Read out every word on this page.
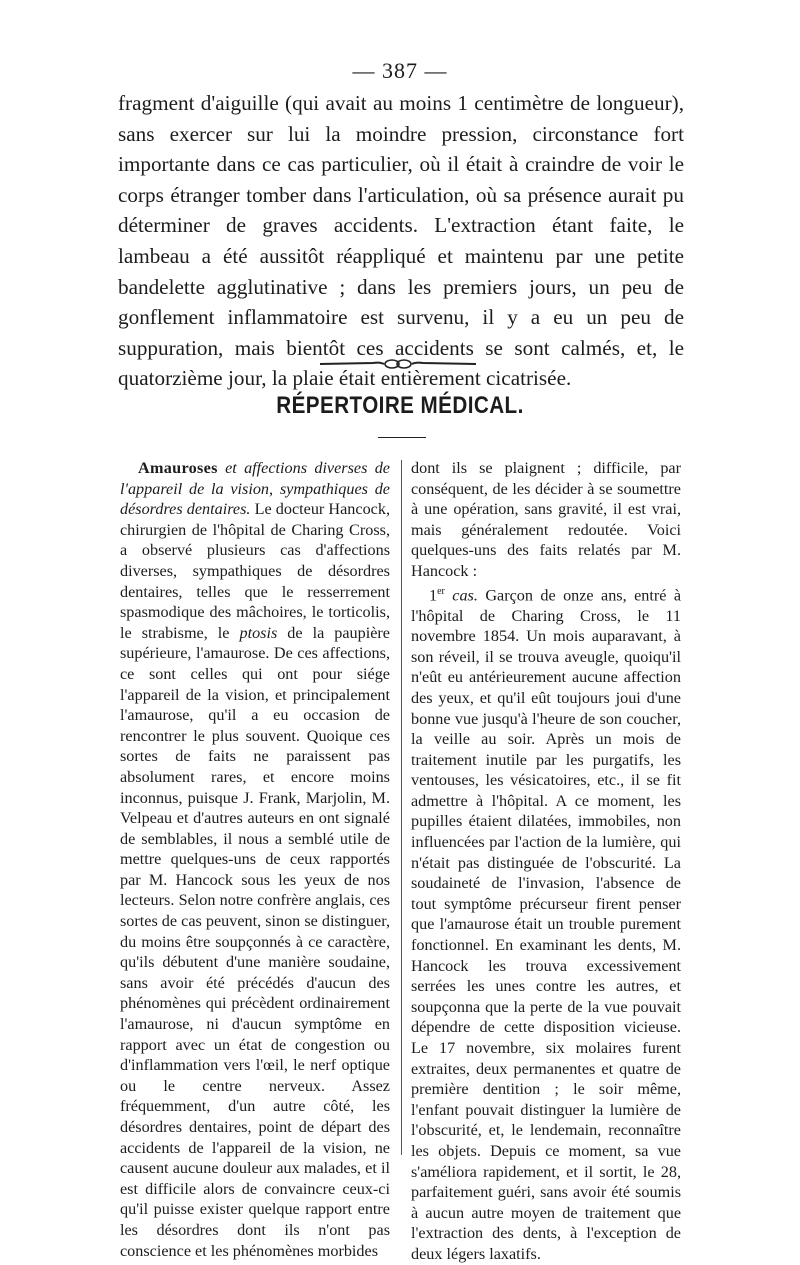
— 387 —

fragment d'aiguille (qui avait au moins 1 centimètre de longueur), sans exercer sur lui la moindre pression, circonstance fort importante dans ce cas particulier, où il était à craindre de voir le corps étranger tomber dans l'articulation, où sa présence aurait pu déterminer de graves accidents. L'extraction étant faite, le lambeau a été aussitôt réappliqué et maintenu par une petite bandelette agglutinative ; dans les premiers jours, un peu de gonflement inflammatoire est survenu, il y a eu un peu de suppuration, mais bientôt ces accidents se sont calmés, et, le quatorzième jour, la plaie était entièrement cicatrisée.

RÉPERTOIRE MÉDICAL.

Amauroses et affections diverses de l'appareil de la vision, sympathiques de désordres dentaires. Le docteur Hancock, chirurgien de l'hôpital de Charing Cross, a observé plusieurs cas d'affections diverses, sympathiques de désordres dentaires, telles que le resserrement spasmodique des mâchoires, le torticolis, le strabisme, le ptosis de la paupière supérieure, l'amaurose. De ces affections, ce sont celles qui ont pour siége l'appareil de la vision, et principalement l'amaurose, qu'il a eu occasion de rencontrer le plus souvent. Quoique ces sortes de faits ne paraissent pas absolument rares, et encore moins inconnus, puisque J. Frank, Marjolin, M. Velpeau et d'autres auteurs en ont signalé de semblables, il nous a semblé utile de mettre quelques-uns de ceux rapportés par M. Hancock sous les yeux de nos lecteurs. Selon notre confrère anglais, ces sortes de cas peuvent, sinon se distinguer, du moins être soupçonnés à ce caractère, qu'ils débutent d'une manière soudaine, sans avoir été précédés d'aucun des phénomènes qui précèdent ordinairement l'amaurose, ni d'aucun symptôme en rapport avec un état de congestion ou d'inflammation vers l'œil, le nerf optique ou le centre nerveux. Assez fréquemment, d'un autre côté, les désordres dentaires, point de départ des accidents de l'appareil de la vision, ne causent aucune douleur aux malades, et il est difficile alors de convaincre ceux-ci qu'il puisse exister quelque rapport entre les désordres dont ils n'ont pas conscience et les phénomènes morbides

dont ils se plaignent ; difficile, par conséquent, de les décider à se soumettre à une opération, sans gravité, il est vrai, mais généralement redoutée. Voici quelques-uns des faits relatés par M. Hancock :

1er cas. Garçon de onze ans, entré à l'hôpital de Charing Cross, le 11 novembre 1854. Un mois auparavant, à son réveil, il se trouva aveugle, quoiqu'il n'eût eu antérieurement aucune affection des yeux, et qu'il eût toujours joui d'une bonne vue jusqu'à l'heure de son coucher, la veille au soir. Après un mois de traitement inutile par les purgatifs, les ventouses, les vésicatoires, etc., il se fit admettre à l'hôpital. A ce moment, les pupilles étaient dilatées, immobiles, non influencées par l'action de la lumière, qui n'était pas distinguée de l'obscurité. La soudaineté de l'invasion, l'absence de tout symptôme précurseur firent penser que l'amaurose était un trouble purement fonctionnel. En examinant les dents, M. Hancock les trouva excessivement serrées les unes contre les autres, et soupçonna que la perte de la vue pouvait dépendre de cette disposition vicieuse. Le 17 novembre, six molaires furent extraites, deux permanentes et quatre de première dentition ; le soir même, l'enfant pouvait distinguer la lumière de l'obscurité, et, le lendemain, reconnaître les objets. Depuis ce moment, sa vue s'améliora rapidement, et il sortit, le 28, parfaitement guéri, sans avoir été soumis à aucun autre moyen de traitement que l'extraction des dents, à l'exception de deux légers laxatifs.
